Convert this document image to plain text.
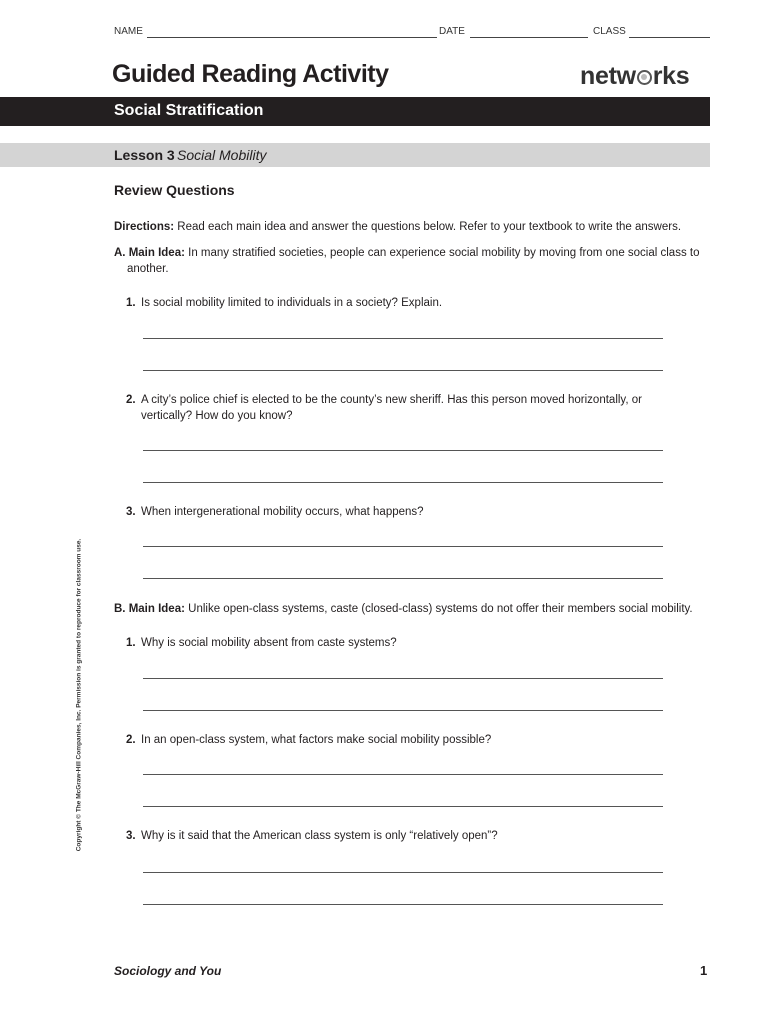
NAME	DATE	CLASS
Guided Reading Activity	netw rks
Social Stratification
Lesson 3 Social Mobility
Review Questions
Directions: Read each main idea and answer the questions below. Refer to your textbook to write the answers.
A. Main Idea: In many stratified societies, people can experience social mobility by moving from one social class to another.
1. Is social mobility limited to individuals in a society? Explain.
2. A city’s police chief is elected to be the county’s new sheriff. Has this person moved horizontally, or vertically? How do you know?
3. When intergenerational mobility occurs, what happens?
B. Main Idea: Unlike open-class systems, caste (closed-class) systems do not offer their members social mobility.
1. Why is social mobility absent from caste systems?
2. In an open-class system, what factors make social mobility possible?
3. Why is it said that the American class system is only “relatively open”?
Copyright © The McGraw-Hill Companies, Inc. Permission is granted to reproduce for classroom use.
Sociology and You	1
